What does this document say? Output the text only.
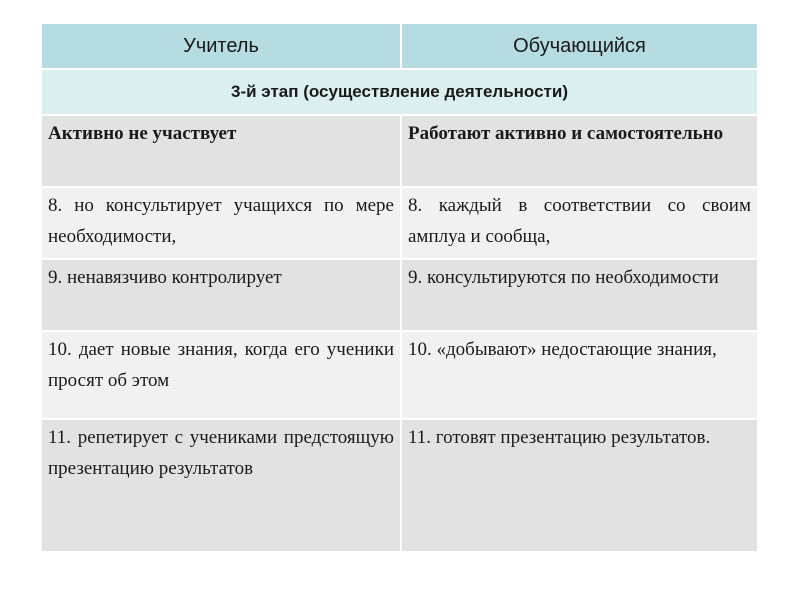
Учитель	Обучающийся
3-й этап (осуществление деятельности)	

Активно не участвует	Работают активно и самостоятельно

8. но консультирует учащихся по мере необходимости,	8. каждый в соответствии со своим амплуа и сообща,

9. ненавязчиво контролирует	9. консультируются по необходимости

10. дает новые знания, когда его ученики просят об этом	10. «добывают» недостающие знания,

11. репетирует с учениками предстоящую презентацию результатов	11. готовят презентацию результатов.
